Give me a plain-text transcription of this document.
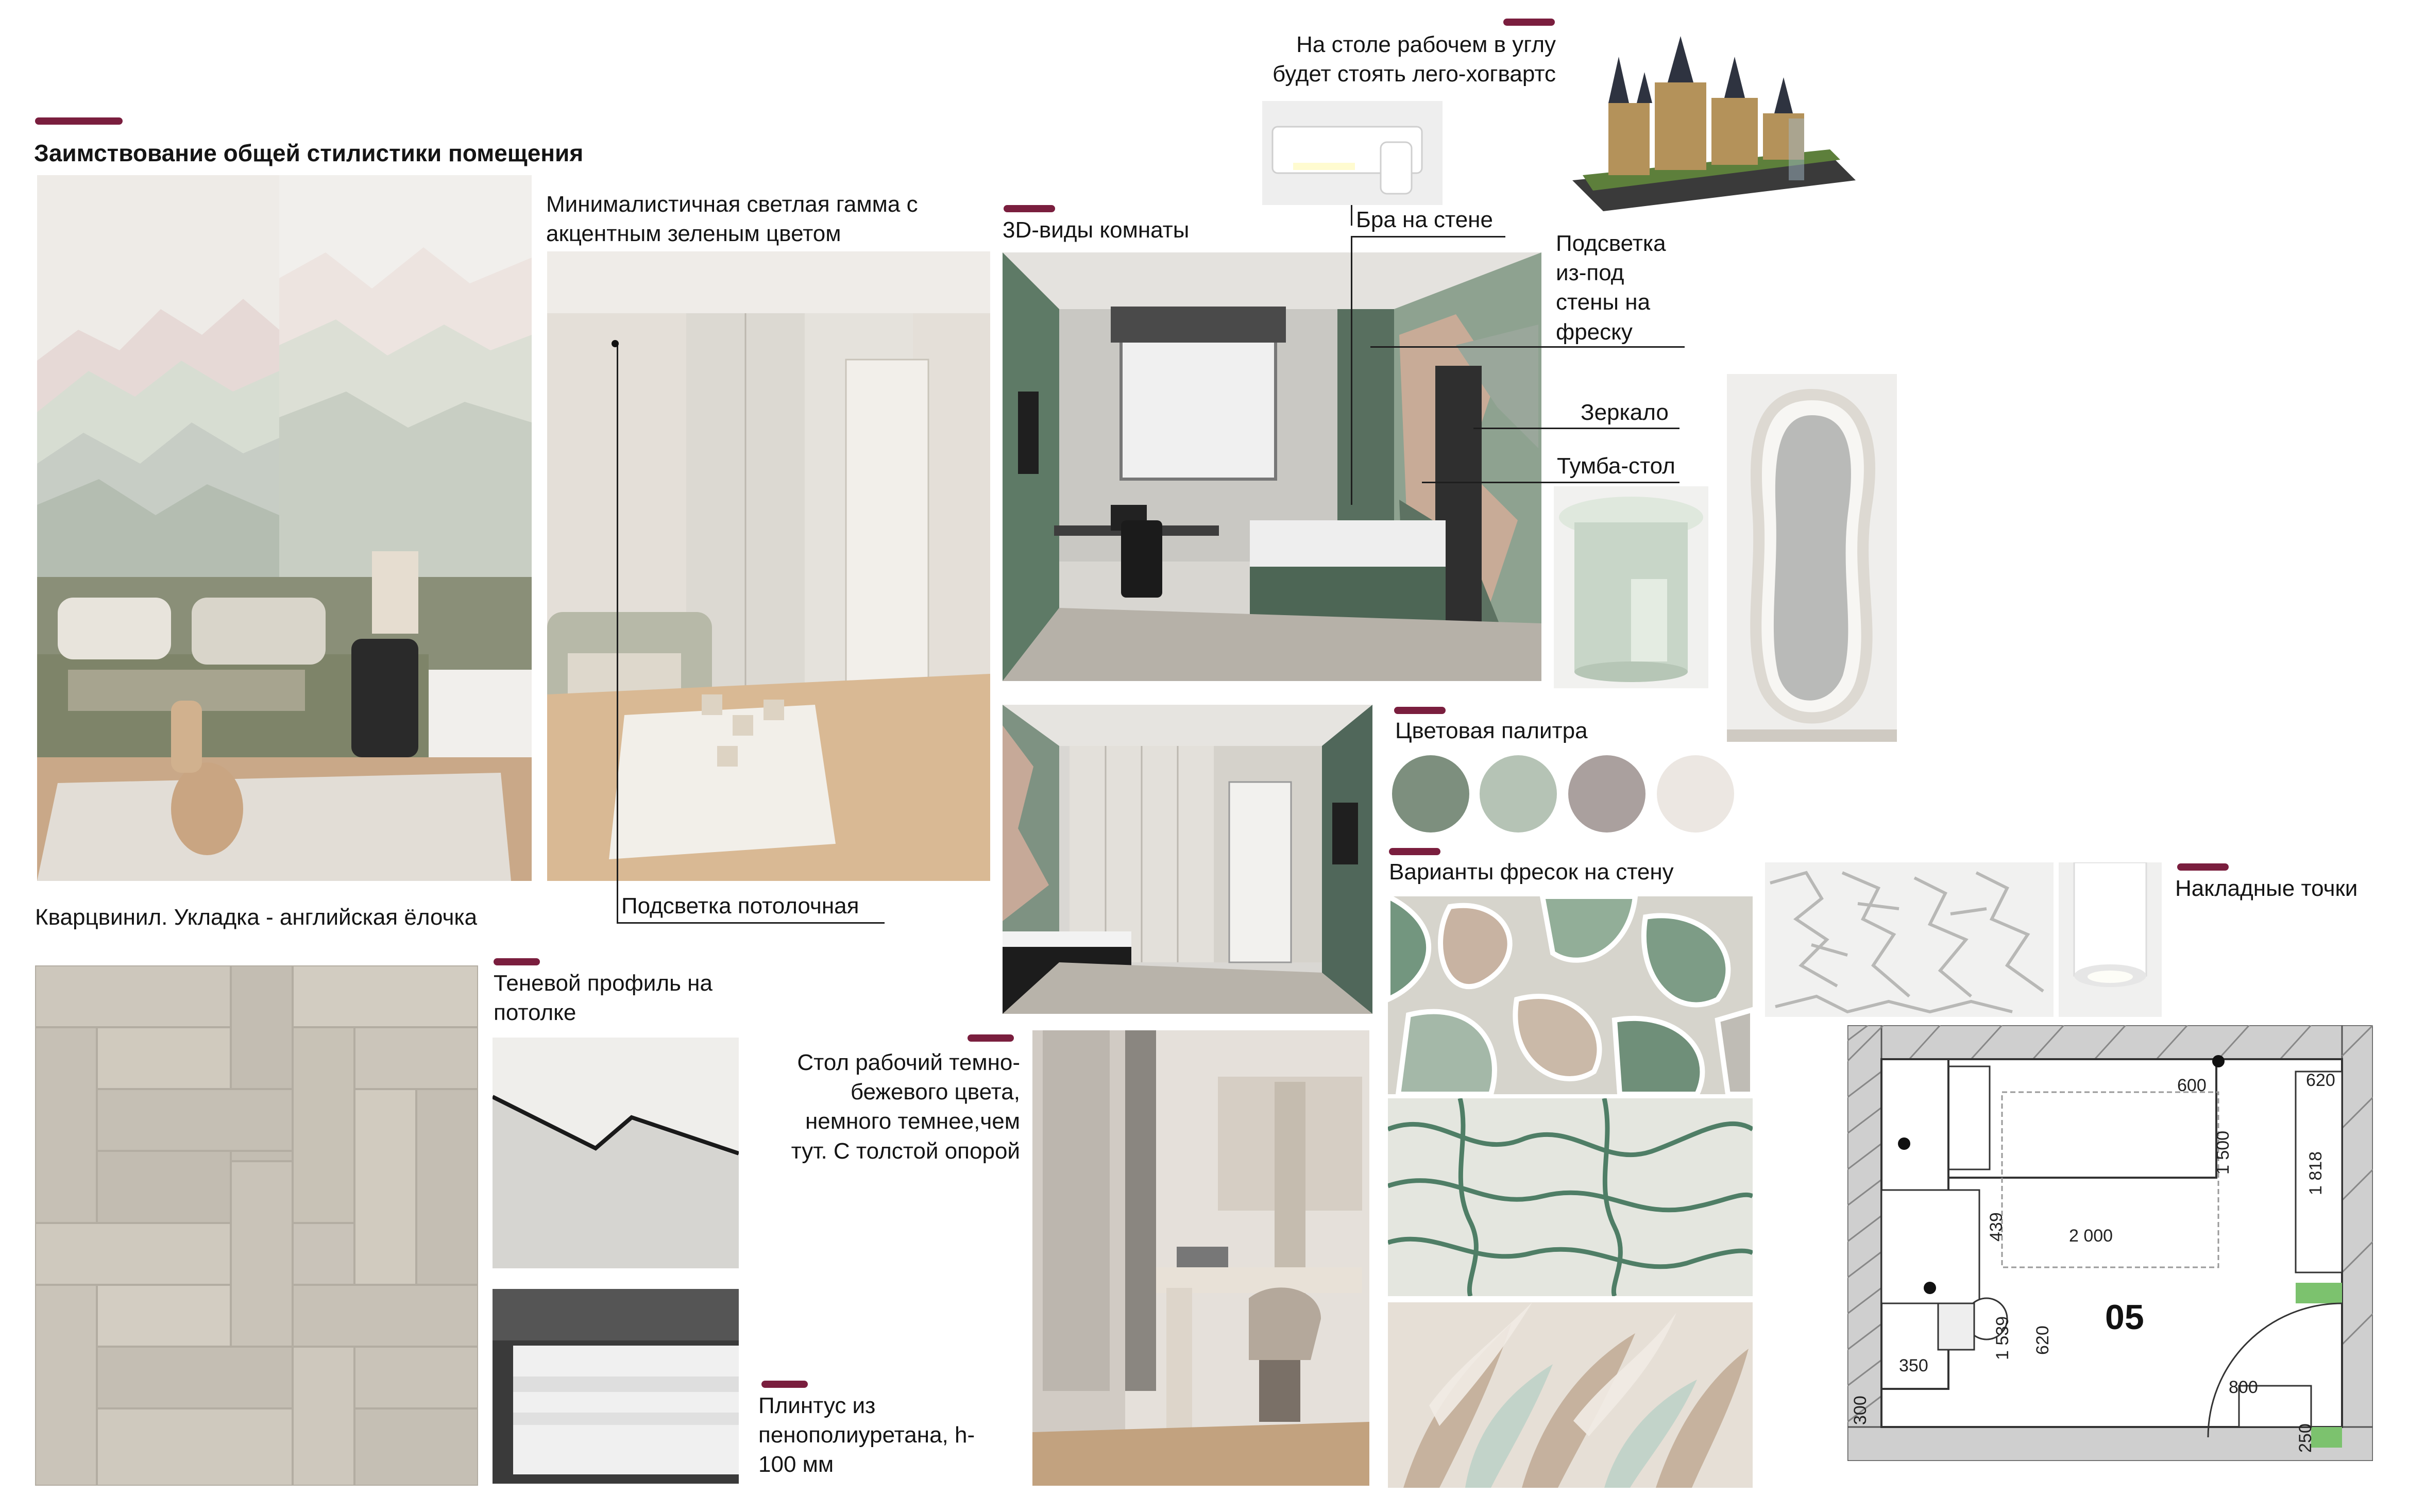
Заимствование общей стилистики помещения
Минималистичная светлая гамма с акцентным зеленым цветом
Подсветка потолочная
3D-виды комнаты
На столе рабочем в углу будет стоять лего-хогвартс
Бра на стене
Подсветка из-под стены на фреску
Зеркало
Тумба-стол
Цветовая палитра
Варианты фресок на стену
Накладные точки
600	620
1 500	1 818
439	2 000
1 539 620
350
300
800
250
05
Кварцвинил. Укладка - английская ёлочка
Теневой профиль на потолке
Плинтус из пенополиуретана, h-100 мм
Стол рабочий темно-бежевого цвета, немного темнее,чем тут. С толстой опорой
